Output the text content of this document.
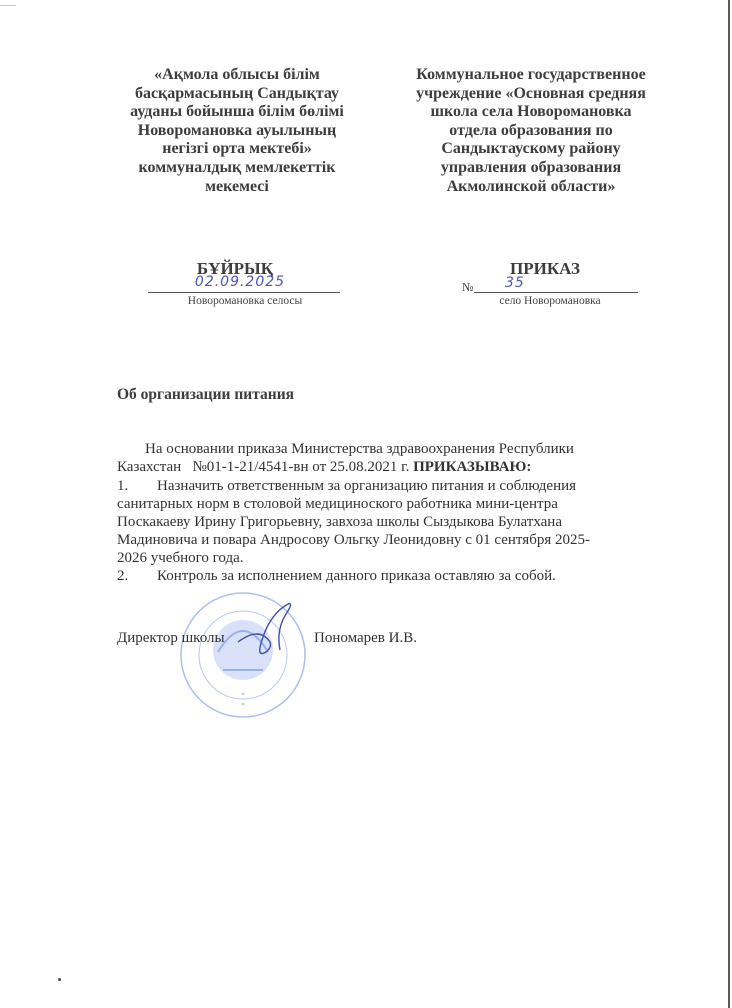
«Ақмола облысы білім
басқармасының Сандықтау
ауданы бойынша білім бөлімі
Новоромановка ауылының
негізгі орта мектебі»
коммуналдық мемлекеттік
мекемесі
Коммунальное государственное
учреждение «Основная средняя
школа села Новоромановка
отдела образования по
Сандыктаускому району
управления образования
Акмолинской области»
БҰЙРЫҚ
02.09.2025
Новоромановка селосы
ПРИКАЗ
№ 35
село Новоромановка
Об организации питания
На основании приказа Министерства здравоохранения Республики
Казахстан   №01-1-21/4541-вн от 25.08.2021 г. ПРИКАЗЫВАЮ:
1. Назначить ответственным за организацию питания и соблюдения
санитарных норм в столовой медициноского работника мини-центра
Поскакаеву Ирину Григорьевну, завхоза школы Сыздыкова Булатхана
Мадиновича и повара Андросову Ольгку Леонидовну с 01 сентября 2025-
2026 учебного года.
2. Контроль за исполнением данного приказа оставляю за собой.
*
*
Директор школы	Пономарев И.В.
